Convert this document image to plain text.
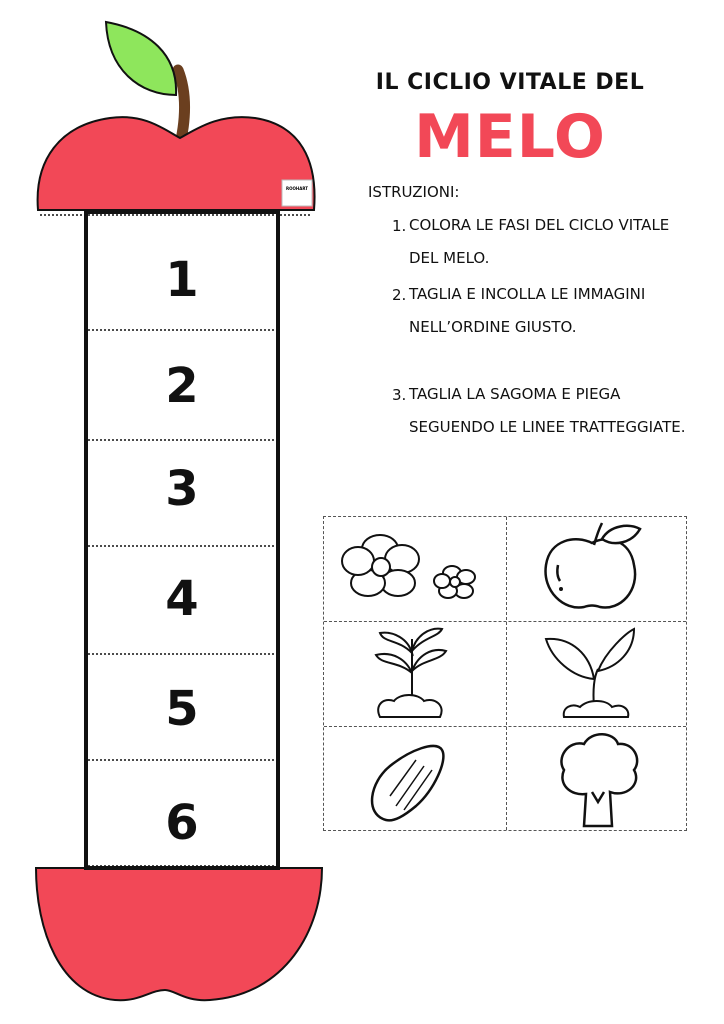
ROOHART
1
2
3
4
5
6
IL CICLIO VITALE DEL
MELO
ISTRUZIONI:
1. COLORA LE FASI DEL CICLO VITALE DEL MELO.
2. TAGLIA E INCOLLA LE IMMAGINI NELL’ORDINE GIUSTO.
3. TAGLIA LA SAGOMA E PIEGA SEGUENDO LE LINEE TRATTEGGIATE.
